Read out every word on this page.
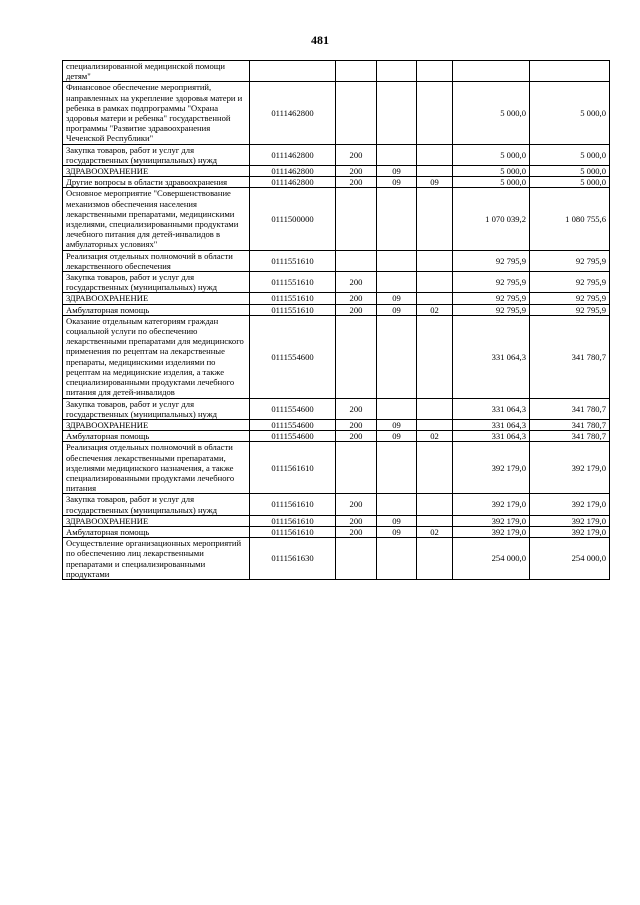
481
специализированной медицинской помощи детям"						
Финансовое обеспечение мероприятий, направленных на укрепление здоровья матери и ребенка в рамках подпрограммы "Охрана здоровья матери и ребенка" государственной программы "Развитие здравоохранения Чеченской Республики"	0111462800				5 000,0	5 000,0
Закупка товаров, работ и услуг для государственных (муниципальных) нужд	0111462800	200			5 000,0	5 000,0
ЗДРАВООХРАНЕНИЕ	0111462800	200	09		5 000,0	5 000,0
Другие вопросы в области здравоохранения	0111462800	200	09	09	5 000,0	5 000,0
Основное мероприятие "Совершенствование механизмов обеспечения населения лекарственными препаратами, медицинскими изделиями, специализированными продуктами лечебного питания для детей-инвалидов в амбулаторных условиях"	0111500000				1 070 039,2	1 080 755,6
Реализация отдельных полномочий в области лекарственного обеспечения	0111551610				92 795,9	92 795,9
Закупка товаров, работ и услуг для государственных (муниципальных) нужд	0111551610	200			92 795,9	92 795,9
ЗДРАВООХРАНЕНИЕ	0111551610	200	09		92 795,9	92 795,9
Амбулаторная помощь	0111551610	200	09	02	92 795,9	92 795,9
Оказание отдельным категориям граждан социальной услуги по обеспечению лекарственными препаратами для медицинского применения по рецептам на лекарственные препараты, медицинскими изделиями по рецептам на медицинские изделия, а также специализированными продуктами лечебного питания для детей-инвалидов	0111554600				331 064,3	341 780,7
Закупка товаров, работ и услуг для государственных (муниципальных) нужд	0111554600	200			331 064,3	341 780,7
ЗДРАВООХРАНЕНИЕ	0111554600	200	09		331 064,3	341 780,7
Амбулаторная помощь	0111554600	200	09	02	331 064,3	341 780,7
Реализация отдельных полномочий в области обеспечения лекарственными препаратами, изделиями медицинского назначения, а также специализированными продуктами лечебного питания	0111561610				392 179,0	392 179,0
Закупка товаров, работ и услуг для государственных (муниципальных) нужд	0111561610	200			392 179,0	392 179,0
ЗДРАВООХРАНЕНИЕ	0111561610	200	09		392 179,0	392 179,0
Амбулаторная помощь	0111561610	200	09	02	392 179,0	392 179,0
Осуществление организационных мероприятий по обеспечению лиц лекарственными препаратами и специализированными продуктами	0111561630				254 000,0	254 000,0
